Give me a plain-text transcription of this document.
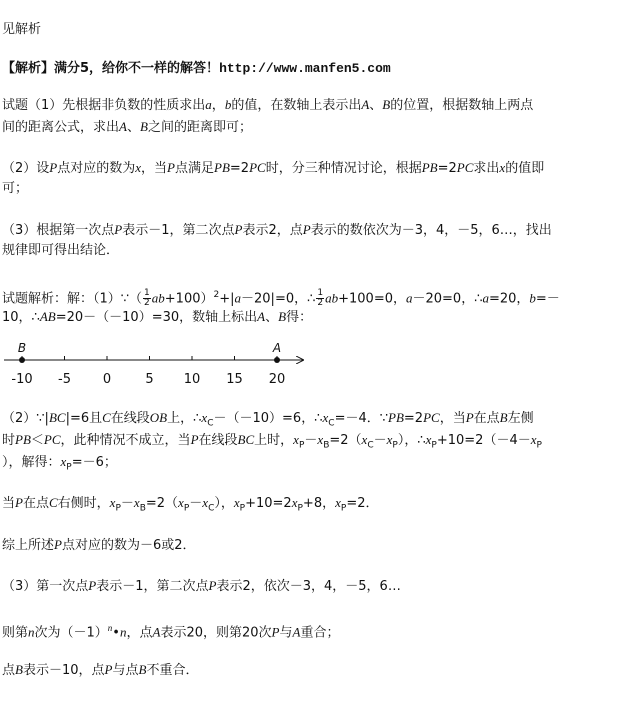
见解析
【解析】满分5，给你不一样的解答！http://www.manfen5.com
试题（1）先根据非负数的性质求出a，b的值，在数轴上表示出A、B的位置，根据数轴上两点
间的距离公式，求出A、B之间的距离即可；
（2）设P点对应的数为x，当P点满足PB=2PC时，分三种情况讨论，根据PB=2PC求出x的值即
可；
（3）根据第一次点P表示－1，第二次点P表示2，点P表示的数依次为－3，4，－5，6…，找出
规律即可得出结论．
试题解析：解：（1）∵（ $\frac{1}{2} ab+100)^2+|a-20|=0$，∴ $\frac{1}{2} ab+100=0$，a－20=0，∴a=20，b=－
10，∴AB=20－（－10）=30，数轴上标出A、B得：
-10 -5 0	5 10 15 20
B	A
（2）∵|BC|=6且C在线段OB上，$\therefore x_C-(-10)=6$，$\therefore x_C=-4$．∵PB=2PC，当P在点B左侧
时PB＜PC，此种情况不成立，当P在线段BC上时，$x_P-x_B=2(x_C-x_P)$，$\therefore x_P+10=2(-4-x_P$
），解得：$x_P=-6$；
当P在点C右侧时，$x_P-x_B=2(x_P-x_C)$，$x_P+10=2x_P+8$，$x_P=2$．
综上所述P点对应的数为－6或2．
（3）第一次点P表示－1，第二次点P表示2，依次－3，4，－5，6…
则第n次为$(-1)^n•n$，点A表示20，则第20次P与A重合；
点B表示－10，点P与点B不重合．
